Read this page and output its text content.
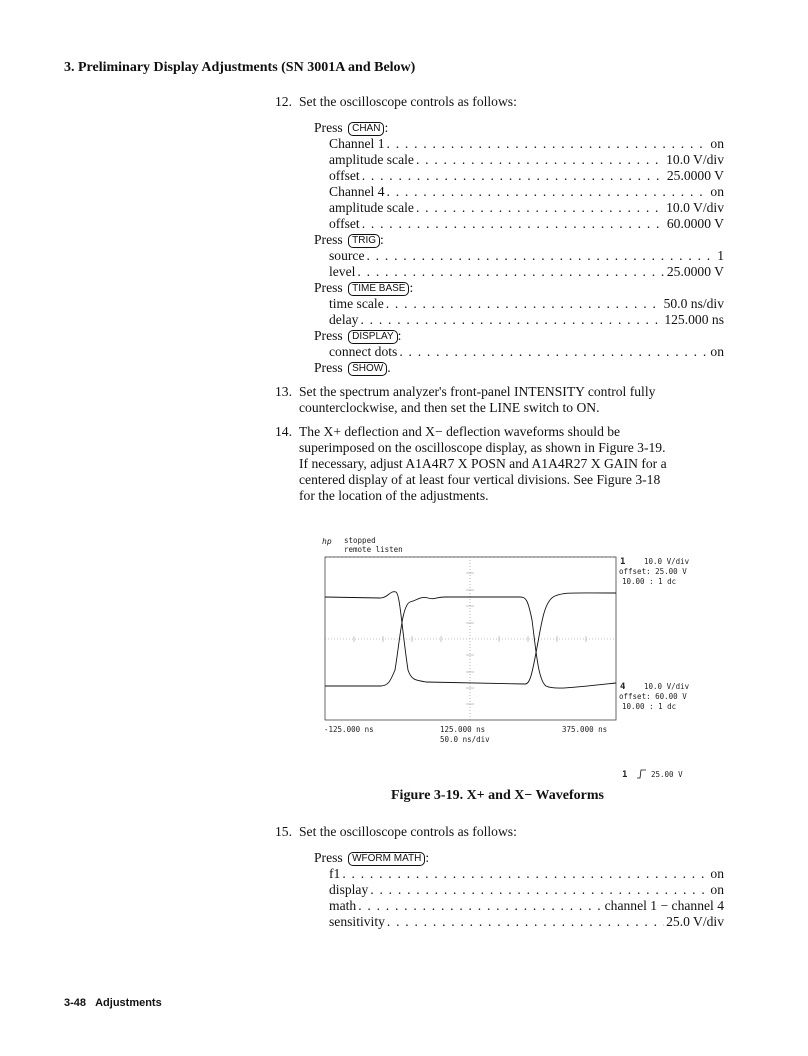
3. Preliminary Display Adjustments (SN 3001A and Below)
12. Set the oscilloscope controls as follows:
Press CHAN :
Channel 1 . . .	on
amplitude scale . . .	10.0 V/div
offset . . .	25.0000 V
Channel 4 . . .	on
amplitude scale . . .	10.0 V/div
offset . . .	60.0000 V
Press TRIG :
source . . .	1
level . . .	25.0000 V
Press TIME BASE :
time scale . . .	50.0 ns/div
delay . . .	125.000 ns
Press DISPLAY :
connect dots . . .	on
Press SHOW .
13. Set the spectrum analyzer's front-panel INTENSITY control fully
counterclockwise, and then set the LINE switch to ON.
14. The X+ deflection and X− deflection waveforms should be
superimposed on the oscilloscope display, as shown in Figure 3-19.
If necessary, adjust A1A4R7 X POSN and A1A4R27 X GAIN for a
centered display of at least four vertical divisions. See Figure 3-18
for the location of the adjustments.
hp stopped
remote listen
1 10.0 V/div
offset: 25.00 V
10.00 : 1 dc
4 10.0 V/div
offset: 60.00 V
10.00 : 1 dc
-125.000 ns	125.000 ns
50.0 ns/div
375.000 ns
1	25.00 V
Figure 3-19. X+ and X− Waveforms
15. Set the oscilloscope controls as follows:
Press WFORM MATH :
f1 . . .	on
display . . .	on
math . . .	channel 1 − channel 4
sensitivity . . .	25.0 V/div
3-48 Adjustments
